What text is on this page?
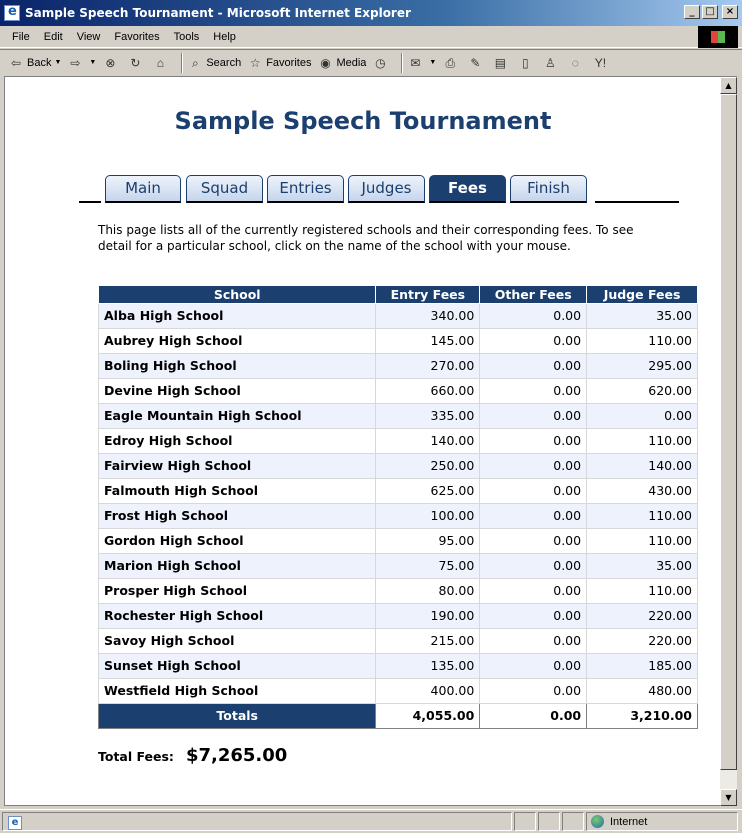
e
Sample Speech Tournament - Microsoft Internet Explorer	_	□	×
File	Edit	View	Favorites	Tools	Help
⇦ Back ▼ ⇨	▼ ⊗ ↻	⌂	⌕ Search ☆ Favorites ◉ Media ◷ ✉	▼ ⎙ ✎ ▤	▯	♙	◌	Y!
Sample Speech Tournament
Main	Squad	Entries	Judges	Fees	Finish

This page lists all of the currently registered schools and their corresponding fees. To see detail for a particular school, click on the name of the school with your mouse.

School	Entry Fees	Other Fees	Judge Fees
Alba High School	340.00	0.00	35.00
Aubrey High School	145.00	0.00	110.00
Boling High School	270.00	0.00	295.00
Devine High School	660.00	0.00	620.00
Eagle Mountain High School	335.00	0.00	0.00
Edroy High School	140.00	0.00	110.00
Fairview High School	250.00	0.00	140.00
Falmouth High School	625.00	0.00	430.00
Frost High School	100.00	0.00	110.00
Gordon High School	95.00	0.00	110.00
Marion High School	75.00	0.00	35.00
Prosper High School	80.00	0.00	110.00
Rochester High School	190.00	0.00	220.00
Savoy High School	215.00	0.00	220.00
Sunset High School	135.00	0.00	185.00
Westfield High School	400.00	0.00	480.00
Totals	4,055.00	0.00	3,210.00
Total Fees: $7,265.00
▲
▼
e	Internet
